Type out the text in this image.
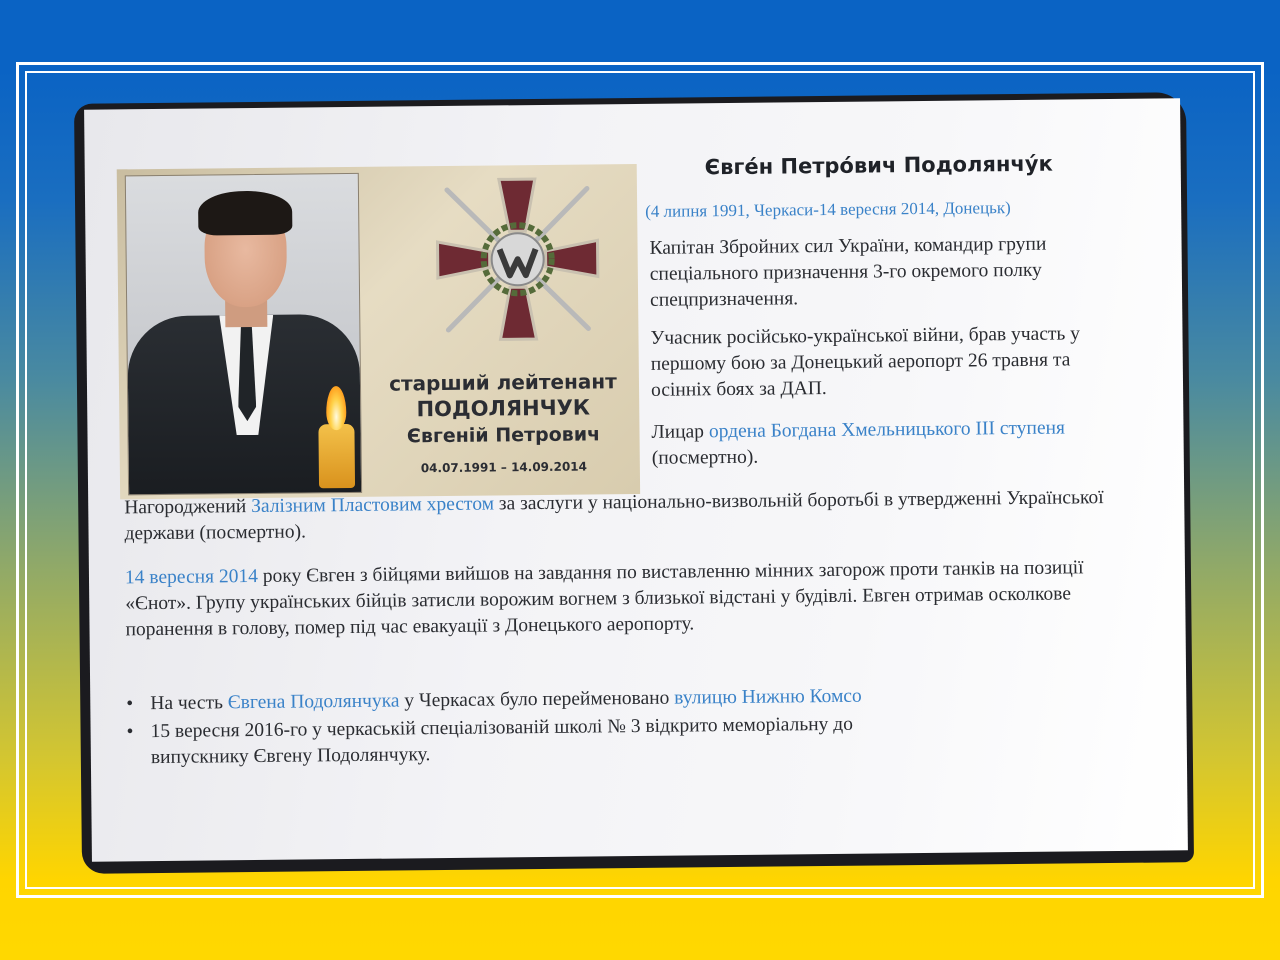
старший лейтенант
ПОДОЛЯНЧУК
Євгеній Петрович
04.07.1991 – 14.09.2014
Євге́н Петро́вич Подолянчу́к
(4 липня 1991, Черкаси-14 вересня 2014, Донецьк)
Капітан Збройних сил України, командир групи спеціального призначення 3-го окремого полку спецпризначення.
Учасник російсько-української війни, брав участь у першому бою за Донецький аеропорт 26 травня та осінніх боях за ДАП.
Лицар ордена Богдана Хмельницького III ступеня (посмертно).
Нагороджений Залізним Пластовим хрестом за заслуги у національно-визвольній боротьбі в утвердженні Української держави (посмертно).
14 вересня 2014 року Євген з бійцями вийшов на завдання по виставленню мінних загорож проти танків на позиції «Єнот». Групу українських бійців затисли ворожим вогнем з близької відстані у будівлі. Евген отримав осколкове поранення в голову, помер під час евакуації з Донецького аеропорту.
• На честь Євгена Подолянчука у Черкасах було перейменовано вулицю Нижню Комсо
• 15 вересня 2016-го у черкаській спеціалізованій школі № 3 відкрито меморіальну до
випускнику Євгену Подолянчуку.
